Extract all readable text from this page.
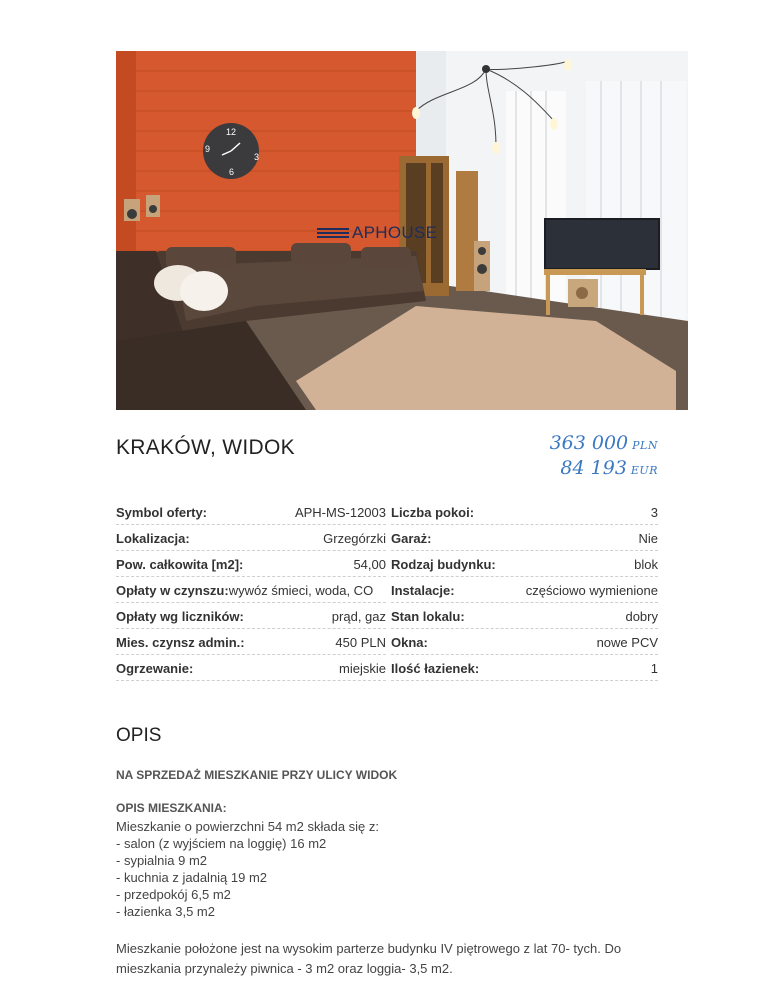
12
9
3
6
APHOUSE
KRAKÓW, WIDOK	363 000 PLN
84 193 EUR
Symbol oferty:	APH-MS-12003 Liczba pokoi:	3
Lokalizacja:	Grzegórzki Garaż:	Nie
Pow. całkowita [m2]:	54,00 Rodzaj budynku:	blok
Opłaty w czynszu: wywóz śmieci, woda, CO Instalacje:	częściowo wymienione
Opłaty wg liczników:	prąd, gaz Stan lokalu:	dobry
Mies. czynsz admin.:	450 PLN Okna:	nowe PCV
Ogrzewanie:	miejskie Ilość łazienek:	1
OPIS

NA SPRZEDAŻ MIESZKANIE PRZY ULICY WIDOK

OPIS MIESZKANIA:

Mieszkanie o powierzchni 54 m2 składa się z:
- salon (z wyjściem na loggię) 16 m2
- sypialnia 9 m2
- kuchnia z jadalnią 19 m2
- przedpokój 6,5 m2
- łazienka 3,5 m2

Mieszkanie położone jest na wysokim parterze budynku IV piętrowego z lat 70- tych. Do mieszkania przynależy piwnica - 3 m2 oraz loggia- 3,5 m2.
